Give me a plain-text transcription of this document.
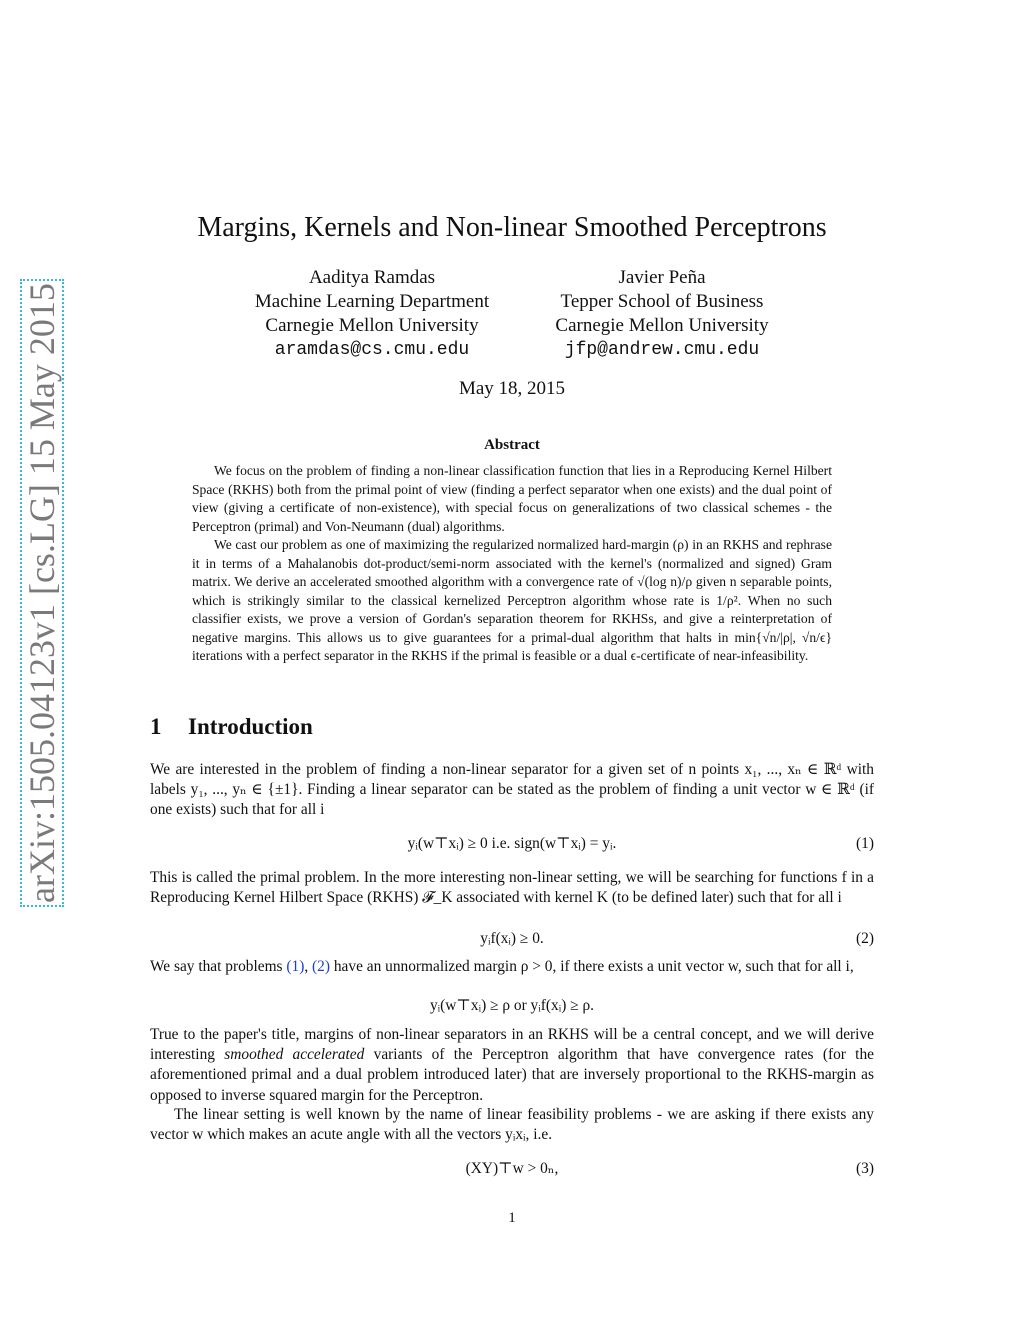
arXiv:1505.04123v1 [cs.LG] 15 May 2015
Margins, Kernels and Non-linear Smoothed Perceptrons
Aaditya Ramdas
Machine Learning Department
Carnegie Mellon University
aramdas@cs.cmu.edu
Javier Peña
Tepper School of Business
Carnegie Mellon University
jfp@andrew.cmu.edu
May 18, 2015
Abstract

We focus on the problem of finding a non-linear classification function that lies in a Reproducing Kernel Hilbert Space (RKHS) both from the primal point of view (finding a perfect separator when one exists) and the dual point of view (giving a certificate of non-existence), with special focus on generalizations of two classical schemes - the Perceptron (primal) and Von-Neumann (dual) algorithms.

We cast our problem as one of maximizing the regularized normalized hard-margin (ρ) in an RKHS and rephrase it in terms of a Mahalanobis dot-product/semi-norm associated with the kernel's (normalized and signed) Gram matrix. We derive an accelerated smoothed algorithm with a convergence rate of √(log n)/ρ given n separable points, which is strikingly similar to the classical kernelized Perceptron algorithm whose rate is 1/ρ². When no such classifier exists, we prove a version of Gordan's separation theorem for RKHSs, and give a reinterpretation of negative margins. This allows us to give guarantees for a primal-dual algorithm that halts in min{√n/|ρ|, √n/ϵ} iterations with a perfect separator in the RKHS if the primal is feasible or a dual ϵ-certificate of near-infeasibility.

1 Introduction

We are interested in the problem of finding a non-linear separator for a given set of n points x₁, ..., xₙ ∈ ℝᵈ with labels y₁, ..., yₙ ∈ {±1}. Finding a linear separator can be stated as the problem of finding a unit vector w ∈ ℝᵈ (if one exists) such that for all i

yᵢ(w⊤xᵢ) ≥ 0 i.e. sign(w⊤xᵢ) = yᵢ.	(1)

This is called the primal problem. In the more interesting non-linear setting, we will be searching for functions f in a Reproducing Kernel Hilbert Space (RKHS) 𝓕_K associated with kernel K (to be defined later) such that for all i

yᵢf(xᵢ) ≥ 0.	(2)

We say that problems (1), (2) have an unnormalized margin ρ > 0, if there exists a unit vector w, such that for all i,

yᵢ(w⊤xᵢ) ≥ ρ or yᵢf(xᵢ) ≥ ρ.

True to the paper's title, margins of non-linear separators in an RKHS will be a central concept, and we will derive interesting smoothed accelerated variants of the Perceptron algorithm that have convergence rates (for the aforementioned primal and a dual problem introduced later) that are inversely proportional to the RKHS-margin as opposed to inverse squared margin for the Perceptron.

The linear setting is well known by the name of linear feasibility problems - we are asking if there exists any vector w which makes an acute angle with all the vectors yᵢxᵢ, i.e.

(XY)⊤w > 0ₙ,	(3)
1
